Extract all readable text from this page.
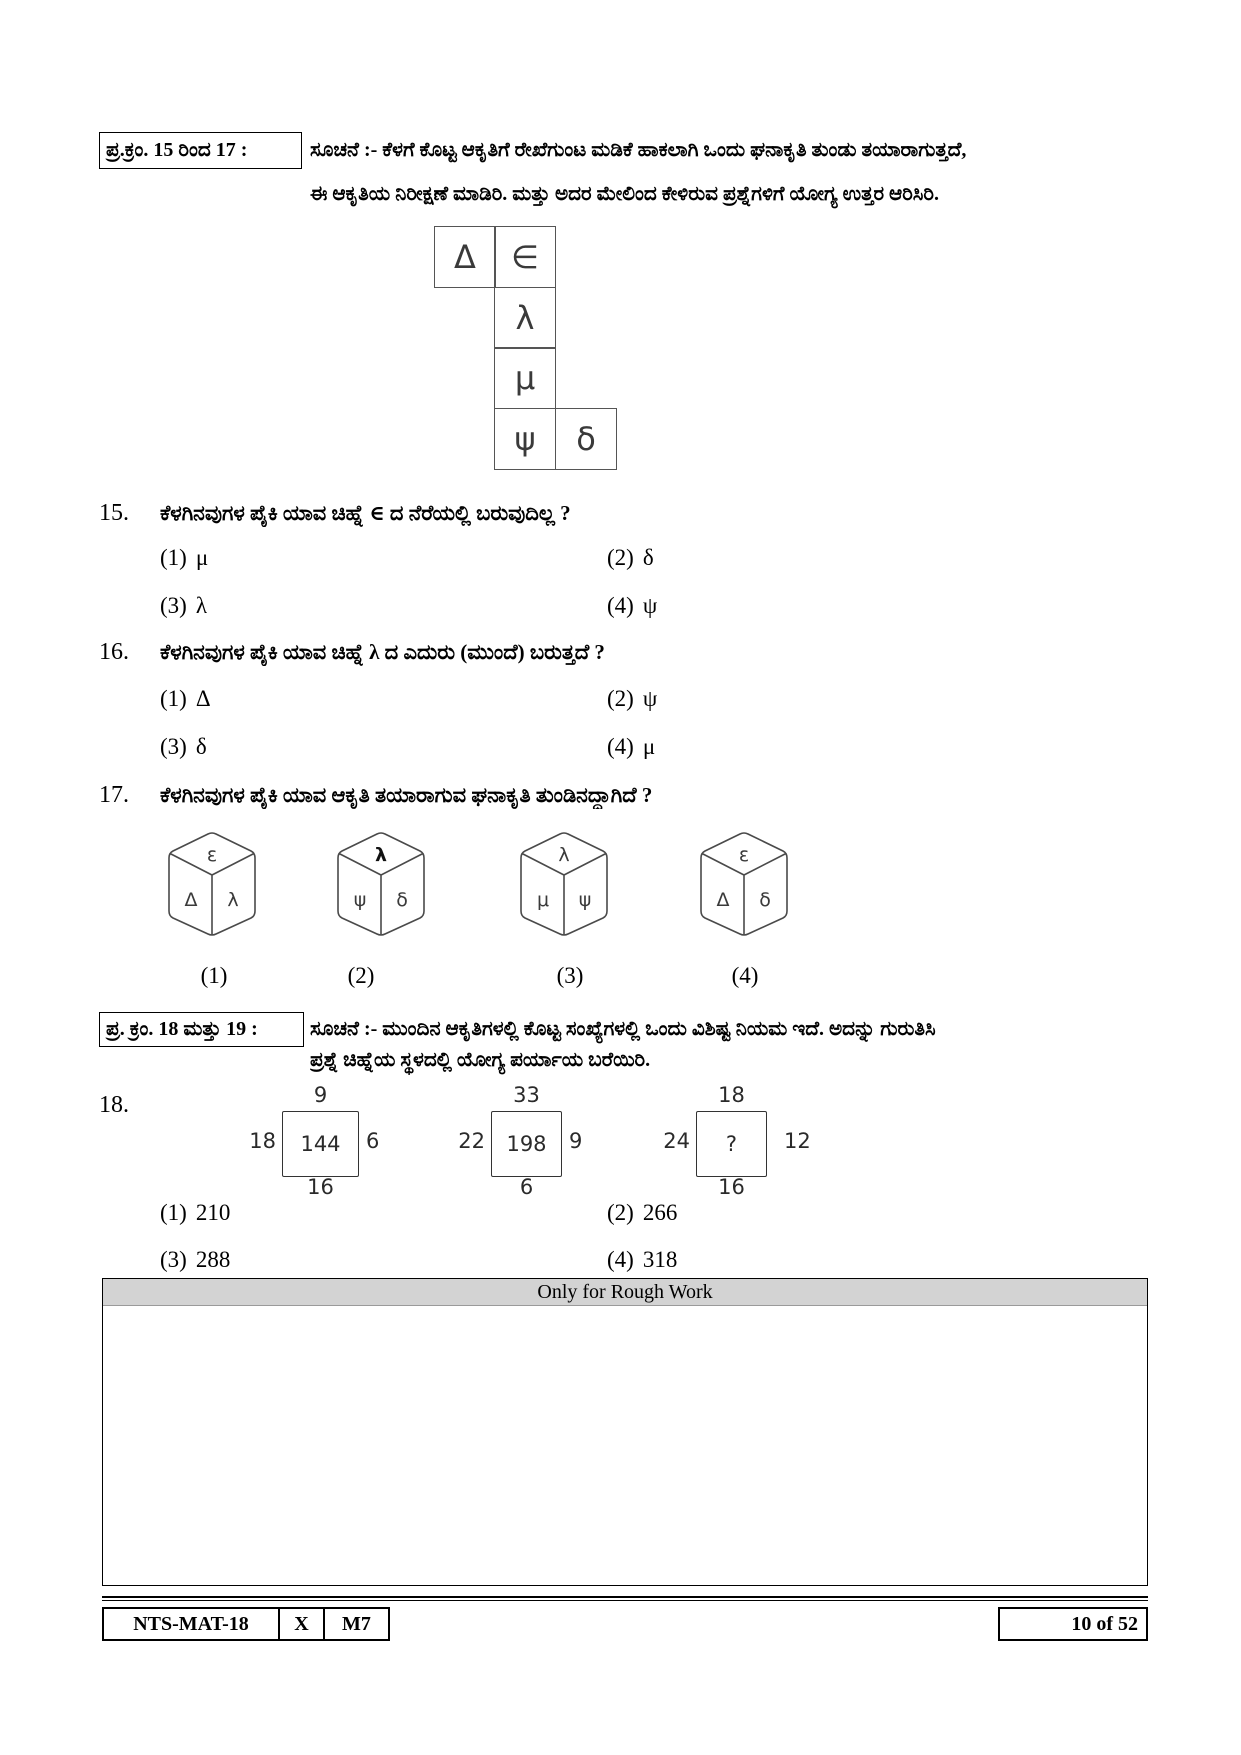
ಪ್ರ.ಕ್ರಂ. 15 ರಿಂದ 17 :	ಸೂಚನೆ :- ಕೆಳಗೆ ಕೊಟ್ಟ ಆಕೃತಿಗೆ ರೇಖೆಗುಂಟ ಮಡಿಕೆ ಹಾಕಲಾಗಿ ಒಂದು ಘನಾಕೃತಿ ತುಂಡು ತಯಾರಾಗುತ್ತದೆ,
ಈ ಆಕೃತಿಯ ನಿರೀಕ್ಷಣೆ ಮಾಡಿರಿ. ಮತ್ತು ಅದರ ಮೇಲಿಂದ ಕೇಳಿರುವ ಪ್ರಶ್ನೆಗಳಿಗೆ ಯೋಗ್ಯ ಉತ್ತರ ಆರಿಸಿರಿ.
Δ	∈
λ
μ
ψ	δ
15. ಕೆಳಗಿನವುಗಳ ಪೈಕಿ ಯಾವ ಚಿಹ್ನೆ ∈ ದ ನೆರೆಯಲ್ಲಿ ಬರುವುದಿಲ್ಲ ?
(1) μ	(2) δ
(3) λ	(4) ψ
16. ಕೆಳಗಿನವುಗಳ ಪೈಕಿ ಯಾವ ಚಿಹ್ನೆ λ ದ ಎದುರು (ಮುಂದೆ) ಬರುತ್ತದೆ ?
(1) Δ	(2) ψ
(3) δ	(4) μ
17. ಕೆಳಗಿನವುಗಳ ಪೈಕಿ ಯಾವ ಆಕೃತಿ ತಯಾರಾಗುವ ಘನಾಕೃತಿ ತುಂಡಿನದ್ದಾಗಿದೆ ?
ε
Δ λ
λ
ψ δ
λ
μ ψ
ε
Δ δ
(1)	(2)	(3)	(4)
ಪ್ರ. ಕ್ರಂ. 18 ಮತ್ತು 19 :	ಸೂಚನೆ :- ಮುಂದಿನ ಆಕೃತಿಗಳಲ್ಲಿ ಕೊಟ್ಟ ಸಂಖ್ಯೆಗಳಲ್ಲಿ ಒಂದು ವಿಶಿಷ್ಟ ನಿಯಮ ಇದೆ. ಅದನ್ನು ಗುರುತಿಸಿ
ಪ್ರಶ್ನೆ ಚಿಹ್ನೆಯ ಸ್ಥಳದಲ್ಲಿ ಯೋಗ್ಯ ಪರ್ಯಾಯ ಬರೆಯಿರಿ.
18.	9
18	144	6
16
33
22	198	9
6
18
24	?	12
16
(1) 210	(2) 266
(3) 288	(4) 318
Only for Rough Work
NTS-MAT-18	X	M7	10 of 52
